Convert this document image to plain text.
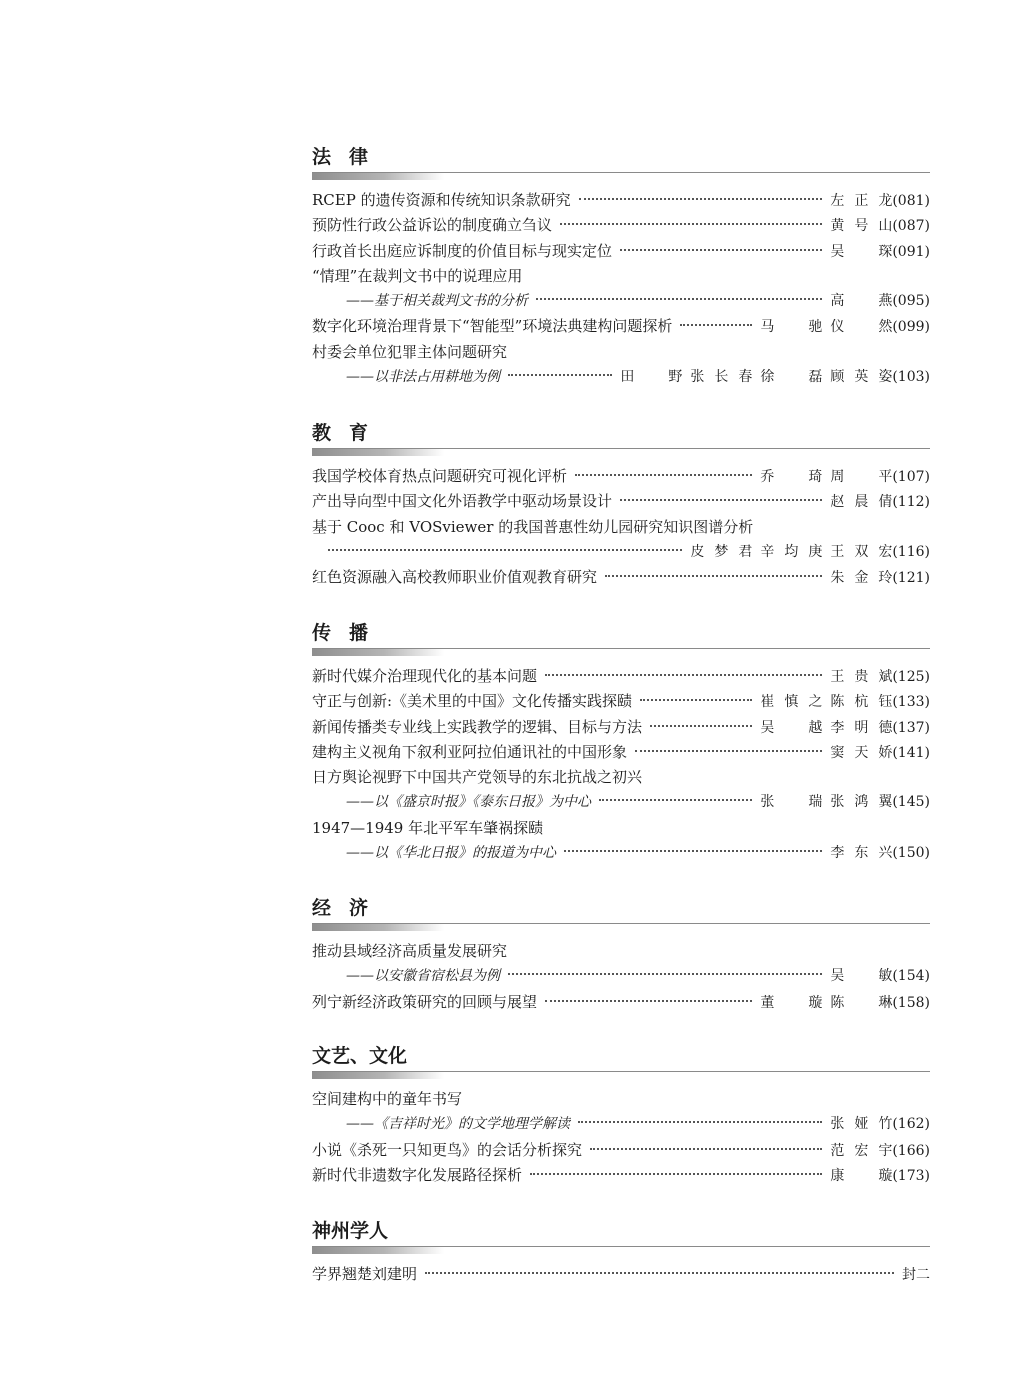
法 律
RCEP 的遗传资源和传统知识条款研究	左正龙 (081)
预防性行政公益诉讼的制度确立刍议	黄号山 (087)
行政首长出庭应诉制度的价值目标与现实定位	吴 琛 (091)
“情理”在裁判文书中的说理应用
——基于相关裁判文书的分析	高 燕 (095)
数字化环境治理背景下“智能型”环境法典建构问题探析	马 驰 仪 然 (099)
村委会单位犯罪主体问题研究
——以非法占用耕地为例	田 野 张长春 徐 磊 顾英姿 (103)
教 育
我国学校体育热点问题研究可视化评析	乔 琦 周 平 (107)
产出导向型中国文化外语教学中驱动场景设计	赵晨倩 (112)
基于 Cooc 和 VOSviewer 的我国普惠性幼儿园研究知识图谱分析
皮梦君 辛均庚 王双宏 (116)
红色资源融入高校教师职业价值观教育研究	朱金玲 (121)
传 播
新时代媒介治理现代化的基本问题	王贵斌 (125)
守正与创新:《美术里的中国》文化传播实践探赜	崔慎之 陈杭钰 (133)
新闻传播类专业线上实践教学的逻辑、目标与方法	吴 越 李明德 (137)
建构主义视角下叙利亚阿拉伯通讯社的中国形象	窦天娇 (141)
日方舆论视野下中国共产党领导的东北抗战之初兴
——以《盛京时报》《泰东日报》为中心	张 瑞 张鸿翼 (145)
1947—1949 年北平军车肇祸探赜
——以《华北日报》的报道为中心	李东兴 (150)
经 济
推动县域经济高质量发展研究
——以安徽省宿松县为例	吴 敏 (154)
列宁新经济政策研究的回顾与展望	董 璇 陈 琳 (158)
文艺、文化
空间建构中的童年书写
——《吉祥时光》的文学地理学解读	张娅竹 (162)
小说《杀死一只知更鸟》的会话分析探究	范宏宇 (166)
新时代非遗数字化发展路径探析	康 璇 (173)
神州学人
学界翘楚刘建明	封二
